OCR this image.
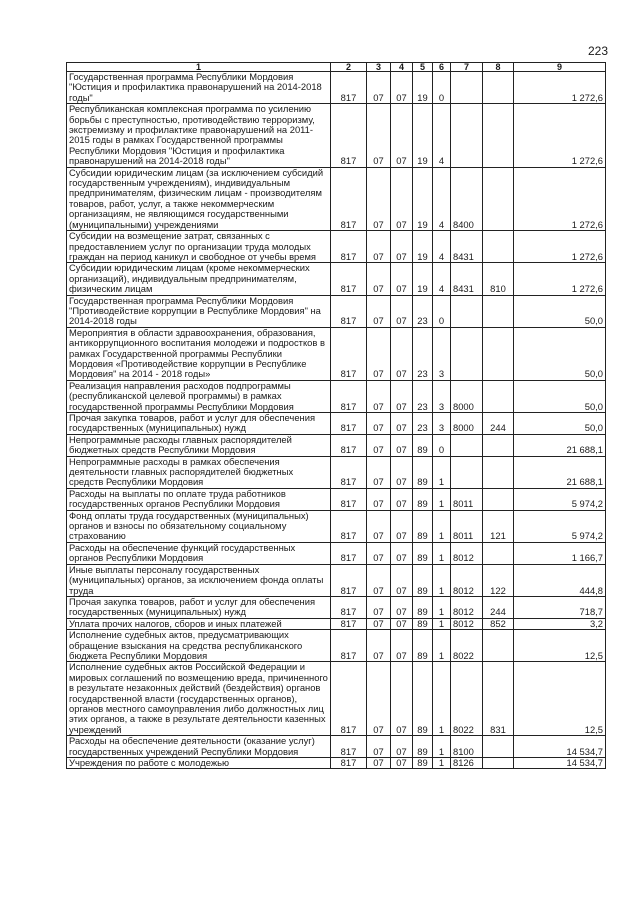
223
1	2	3	4	5	6	7	8	9
Государственная программа Республики Мордовия "Юстиция и профилактика правонарушений на 2014-2018 годы"	817	07	07	19	0			1 272,6
Республиканская комплексная программа по усилению борьбы с преступностью, противодействию терроризму, экстремизму и профилактике правонарушений на 2011-2015 годы в рамках Государственной программы Республики Мордовия "Юстиция и профилактика правонарушений на 2014-2018 годы"	817	07	07	19	4			1 272,6
Субсидии юридическим лицам (за исключением субсидий государственным учреждениям), индивидуальным предпринимателям, физическим лицам - производителям товаров, работ, услуг, а также некоммерческим организациям, не являющимся государственными (муниципальными) учреждениями	817	07	07	19	4	8400		1 272,6
Субсидии на возмещение затрат, связанных с предоставлением услуг по организации труда молодых граждан на период каникул и свободное от учебы время	817	07	07	19	4	8431		1 272,6
Субсидии юридическим лицам (кроме некоммерческих организаций), индивидуальным предпринимателям, физическим лицам	817	07	07	19	4	8431	810	1 272,6
Государственная программа Республики Мордовия "Противодействие коррупции в Республике Мордовия" на 2014-2018 годы	817	07	07	23	0			50,0
Мероприятия в области здравоохранения, образования, антикоррупционного воспитания молодежи и подростков в рамках Государственной программы Республики Мордовия «Противодействие коррупции в Республике Мордовия" на 2014 - 2018 годы»	817	07	07	23	3			50,0
Реализация направления расходов подпрограммы (республиканской целевой программы) в рамках государственной программы Республики Мордовия	817	07	07	23	3	8000		50,0
Прочая закупка товаров, работ и услуг для обеспечения государственных (муниципальных) нужд	817	07	07	23	3	8000	244	50,0
Непрограммные расходы главных распорядителей бюджетных средств Республики Мордовия	817	07	07	89	0			21 688,1
Непрограммные расходы в рамках обеспечения деятельности главных распорядителей бюджетных средств Республики Мордовия	817	07	07	89	1			21 688,1
Расходы на выплаты по оплате труда работников государственных органов Республики Мордовия	817	07	07	89	1	8011		5 974,2
Фонд оплаты труда государственных (муниципальных) органов и взносы по обязательному социальному страхованию	817	07	07	89	1	8011	121	5 974,2
Расходы на обеспечение функций государственных органов Республики Мордовия	817	07	07	89	1	8012		1 166,7
Иные выплаты персоналу государственных (муниципальных) органов, за исключением фонда оплаты труда	817	07	07	89	1	8012	122	444,8
Прочая закупка товаров, работ и услуг для обеспечения государственных (муниципальных) нужд	817	07	07	89	1	8012	244	718,7
Уплата прочих налогов, сборов и иных платежей	817	07	07	89	1	8012	852	3,2
Исполнение судебных актов, предусматривающих обращение взыскания на средства республиканского бюджета Республики Мордовия	817	07	07	89	1	8022		12,5
Исполнение судебных актов Российской Федерации и мировых соглашений по возмещению вреда, причиненного в результате незаконных действий (бездействия) органов государственной власти (государственных органов), органов местного самоуправления либо должностных лиц этих органов, а также в результате деятельности казенных учреждений	817	07	07	89	1	8022	831	12,5
Расходы на обеспечение деятельности (оказание услуг) государственных учреждений Республики Мордовия	817	07	07	89	1	8100		14 534,7
Учреждения по работе с молодежью	817	07	07	89	1	8126		14 534,7
